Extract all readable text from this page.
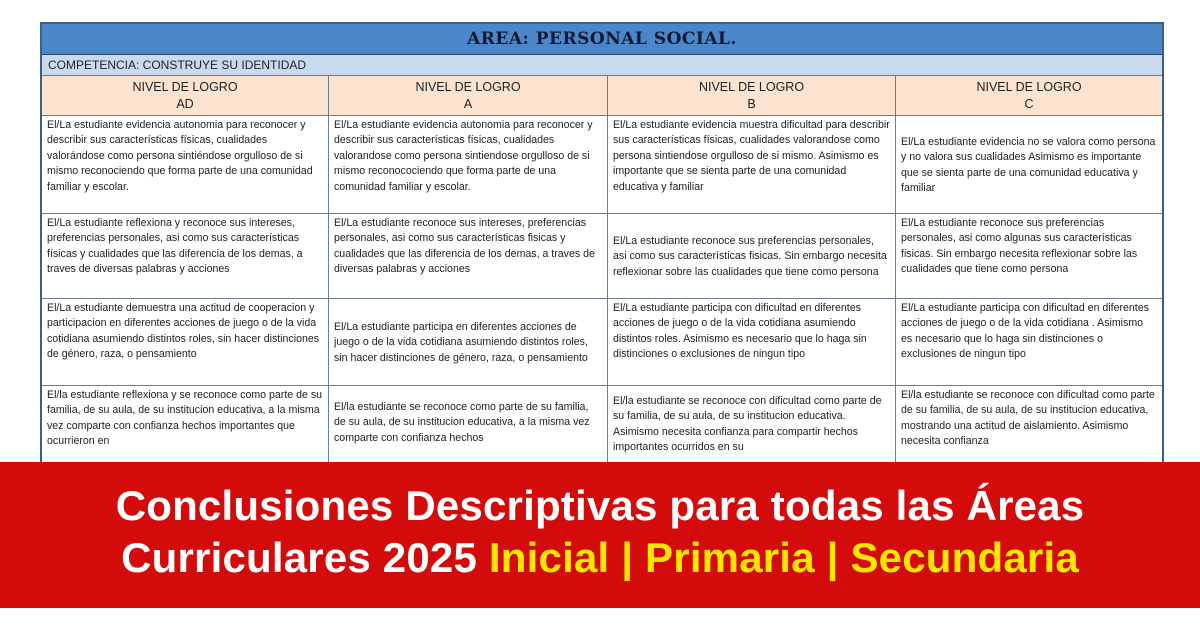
AREA: PERSONAL SOCIAL.
COMPETENCIA: CONSTRUYE SU IDENTIDAD
NIVEL DE LOGRO
AD
NIVEL DE LOGRO
A
NIVEL DE LOGRO
B
NIVEL DE LOGRO
C
El/La estudiante evidencia autonomia para reconocer y describir sus características físicas, cualidades valorándose como persona sintiéndose orgulloso de si mismo reconociendo que forma parte de una comunidad familiar y escolar.
El/La estudiante evidencia autonomia para reconocer y describir sus características físicas, cualidades valorandose como persona sintiendose orgulloso de si mismo reconocociendo que forma parte de una comunidad familiar y escolar.
El/La estudiante evidencia muestra dificultad para describir sus características físicas, cualidades valorandose como persona sintiendose orgulloso de si mismo. Asimismo es importante que se sienta parte de una comunidad educativa y familiar
El/La estudiante evidencia no se valora como persona y no valora sus cualidades Asimismo es importante que se sienta parte de una comunidad educativa y familiar
El/La estudiante reflexiona y reconoce sus intereses, preferencias personales, asi como sus características físicas y cualidades que las diferencia de los demas, a traves de diversas palabras y acciones
El/La estudiante reconoce sus intereses, preferencias personales, asi como sus características fisicas y cualidades que las diferencia de los demas, a traves de diversas palabras y acciones
El/La estudiante reconoce sus preferencias personales, asi como sus características fisicas. Sin embargo necesita reflexionar sobre las cualidades que tiene como persona
El/La estudiante reconoce sus preferencias personales, asi como algunas sus características fisicas. Sin embargo necesita reflexionar sobre las cualidades que tiene como persona
El/La estudiante demuestra una actitud de cooperacion y participacion en diferentes acciones de juego o de la vida cotidiana asumiendo distintos roles, sin hacer distinciones de género, raza, o pensamiento
El/La estudiante participa en diferentes acciones de juego o de la vida cotidiana asumiendo distintos roles, sin hacer distinciones de género, raza, o pensamiento
El/La estudiante participa con dificultad en diferentes acciones de juego o de la vida cotidiana asumiendo distintos roles. Asimismo es necesario que lo haga sin distinciones o exclusiones de ningun tipo
El/La estudiante participa con dificultad en diferentes acciones de juego o de la vida cotidiana . Asimismo es necesario que lo haga sin distinciones o exclusiones de ningun tipo
El/la estudiante reflexiona y se reconoce como parte de su familia, de su aula, de su institucion educativa, a la misma vez comparte con confianza hechos importantes que ocurrieron en
El/la estudiante se reconoce como parte de su familia, de su aula, de su institucion educativa, a la misma vez comparte con confianza hechos
El/la estudiante se reconoce con dificultad como parte de su familia, de su aula, de su institucion educativa. Asimismo necesita confianza para compartir hechos importantes ocurridos en su
El/la estudiante se reconoce con dificultad como parte de su familia, de su aula, de su institucion educativa, mostrando una actitud de aislamiento. Asimismo necesita confianza
Conclusiones Descriptivas para todas las Áreas
Curriculares 2025 Inicial | Primaria | Secundaria
